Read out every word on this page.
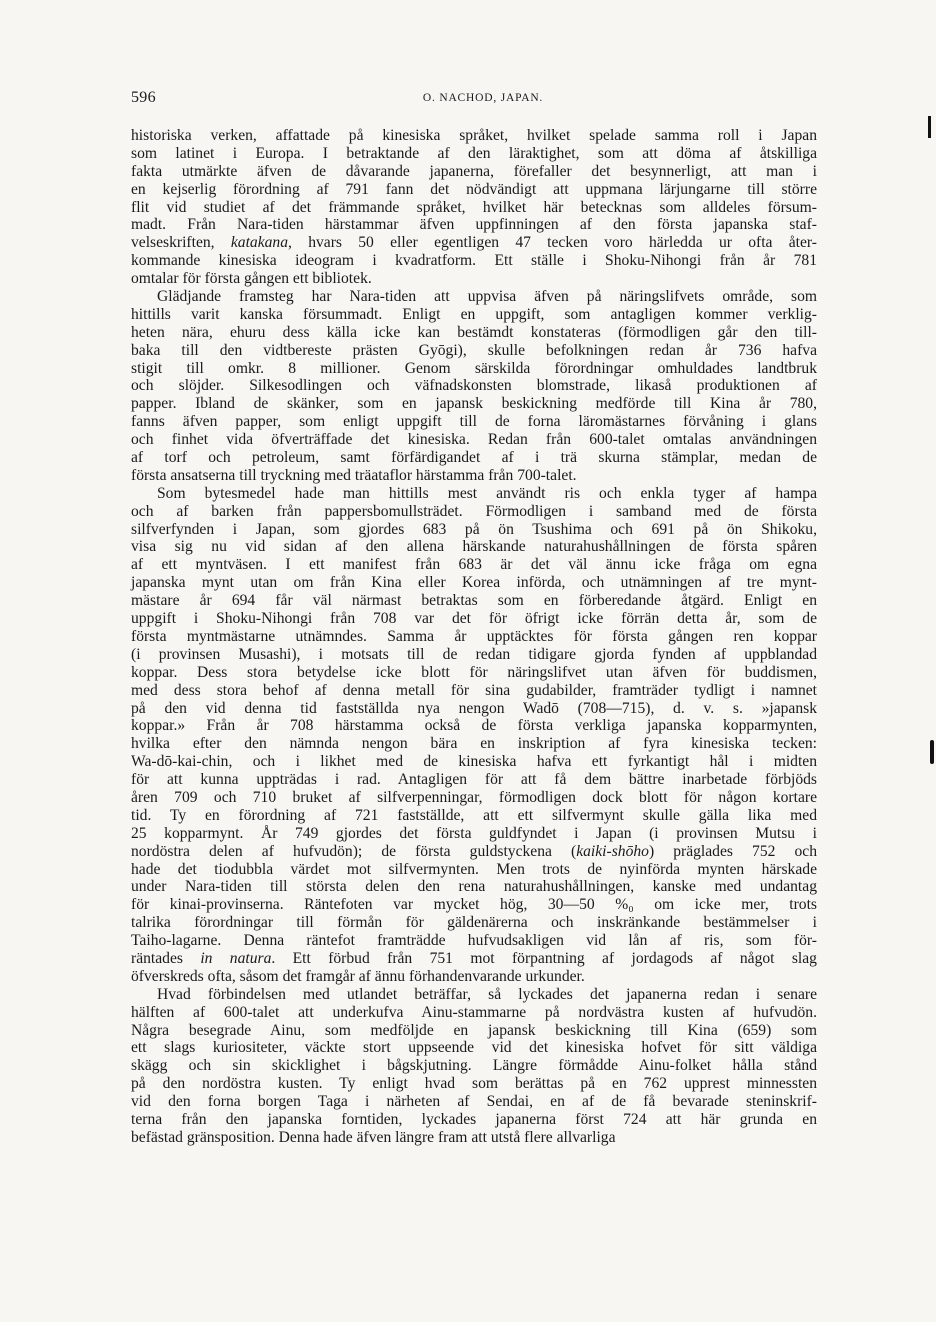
596	O. NACHOD, JAPAN.
historiska verken, affattade på kinesiska språket, hvilket spelade samma roll i Japan
som latinet i Europa. I betraktande af den läraktighet, som att döma af åtskilliga
fakta utmärkte äfven de dåvarande japanerna, förefaller det besynnerligt, att man i
en kejserlig förordning af 791 fann det nödvändigt att uppmana lärjungarne till större
flit vid studiet af det främmande språket, hvilket här betecknas som alldeles försum-
madt. Från Nara-tiden härstammar äfven uppfinningen af den första japanska staf-
velseskriften, katakana, hvars 50 eller egentligen 47 tecken voro härledda ur ofta åter-
kommande kinesiska ideogram i kvadratform. Ett ställe i Shoku-Nihongi från år 781
omtalar för första gången ett bibliotek.
Glädjande framsteg har Nara-tiden att uppvisa äfven på näringslifvets område, som
hittills varit kanska försummadt. Enligt en uppgift, som antagligen kommer verklig-
heten nära, ehuru dess källa icke kan bestämdt konstateras (förmodligen går den till-
baka till den vidtbereste prästen Gyōgi), skulle befolkningen redan år 736 hafva
stigit till omkr. 8 millioner. Genom särskilda förordningar omhuldades landtbruk
och slöjder. Silkesodlingen och väfnadskonsten blomstrade, likaså produktionen af
papper. Ibland de skänker, som en japansk beskickning medförde till Kina år 780,
fanns äfven papper, som enligt uppgift till de forna läromästarnes förvåning i glans
och finhet vida öfverträffade det kinesiska. Redan från 600-talet omtalas användningen
af torf och petroleum, samt förfärdigandet af i trä skurna stämplar, medan de
första ansatserna till tryckning med träataflor härstamma från 700-talet.
Som bytesmedel hade man hittills mest användt ris och enkla tyger af hampa
och af barken från pappersbomullsträdet. Förmodligen i samband med de första
silfverfynden i Japan, som gjordes 683 på ön Tsushima och 691 på ön Shikoku,
visa sig nu vid sidan af den allena härskande naturahushållningen de första spåren
af ett myntväsen. I ett manifest från 683 är det väl ännu icke fråga om egna
japanska mynt utan om från Kina eller Korea införda, och utnämningen af tre mynt-
mästare år 694 får väl närmast betraktas som en förberedande åtgärd. Enligt en
uppgift i Shoku-Nihongi från 708 var det för öfrigt icke förrän detta år, som de
första myntmästarne utnämndes. Samma år upptäcktes för första gången ren koppar
(i provinsen Musashi), i motsats till de redan tidigare gjorda fynden af uppblandad
koppar. Dess stora betydelse icke blott för näringslifvet utan äfven för buddismen,
med dess stora behof af denna metall för sina gudabilder, framträder tydligt i namnet
på den vid denna tid fastställda nya nengon Wadō (708—715), d. v. s. »japansk
koppar.» Från år 708 härstamma också de första verkliga japanska kopparmynten,
hvilka efter den nämnda nengon bära en inskription af fyra kinesiska tecken:
Wa-dō-kai-chin, och i likhet med de kinesiska hafva ett fyrkantigt hål i midten
för att kunna uppträdas i rad. Antagligen för att få dem bättre inarbetade förbjöds
åren 709 och 710 bruket af silfverpenningar, förmodligen dock blott för någon kortare
tid. Ty en förordning af 721 fastställde, att ett silfvermynt skulle gälla lika med
25 kopparmynt. År 749 gjordes det första guldfyndet i Japan (i provinsen Mutsu i
nordöstra delen af hufvudön); de första guldstyckena (kaiki-shōho) präglades 752 och
hade det tiodubbla värdet mot silfvermynten. Men trots de nyinförda mynten härskade
under Nara-tiden till största delen den rena naturahushållningen, kanske med undantag
för kinai-provinserna. Räntefoten var mycket hög, 30—50 %₀ om icke mer, trots
talrika förordningar till förmån för gäldenärerna och inskränkande bestämmelser i
Taiho-lagarne. Denna räntefot framträdde hufvudsakligen vid lån af ris, som för-
räntades in natura. Ett förbud från 751 mot förpantning af jordagods af något slag
öfverskreds ofta, såsom det framgår af ännu förhandenvarande urkunder.
Hvad förbindelsen med utlandet beträffar, så lyckades det japanerna redan i senare
hälften af 600-talet att underkufva Ainu-stammarne på nordvästra kusten af hufvudön.
Några besegrade Ainu, som medföljde en japansk beskickning till Kina (659) som
ett slags kuriositeter, väckte stort uppseende vid det kinesiska hofvet för sitt väldiga
skägg och sin skicklighet i bågskjutning. Längre förmådde Ainu-folket hålla stånd
på den nordöstra kusten. Ty enligt hvad som berättas på en 762 upprest minnessten
vid den forna borgen Taga i närheten af Sendai, en af de få bevarade steninskrif-
terna från den japanska forntiden, lyckades japanerna först 724 att här grunda en
befästad gränsposition. Denna hade äfven längre fram att utstå flere allvarliga
